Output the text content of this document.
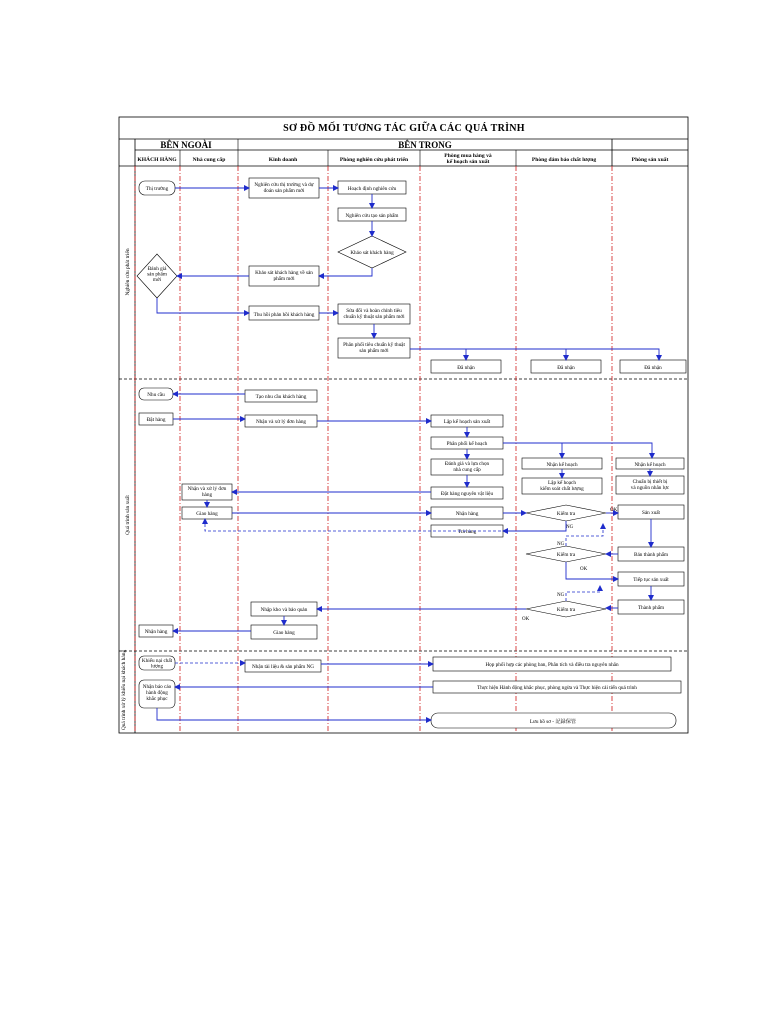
SƠ ĐỒ MỐI TƯƠNG TÁC GIỮA CÁC QUÁ TRÌNH
BÊN NGOÀI	BÊN TRONG
KHÁCH HÀNG	Nhà cung cấp	Kinh doanh	Phòng nghiên cứu phát triển
Phòng mua hàng và kế hoạch sản xuất	Phòng đảm bảo chất lượng	Phòng sản xuất
Nghiên cứu phát triển
Quá trình sản xuất
Quá trình xử lý khiếu nại khách hàng
Thị trường
Nghiên cứu thị trường và dự đoán sản phẩm mới	Hoạch định nghiên cứu
Nghiên cứu tạo sản phẩm
Khảo sát khách hàng
Đánh giá sản phẩm mới
Khảo sát khách hàng về sản phẩm mới
Thu hồi phản hồi khách hàng
Sửa đổi và hoàn chỉnh tiêu chuẩn kỹ thuật sản phẩm mới
Phân phối tiêu chuẩn kỹ thuật sản phẩm mới
Đã nhận	Đã nhận	Đã nhận
Nhu cầu	Tạo nhu cầu khách hàng
Đặt hàng	Nhận và xử lý đơn hàng	Lập kế hoạch sản xuất
Phân phối kế hoạch
Đánh giá và lựa chọn nhà cung cấp
Nhận kế hoạch
Lập kế hoạch kiểm soát chất lượng
Nhận kế hoạch
Chuẩn bị thiết bị và nguồn nhân lực
Nhận và xử lý đơn hàng	Đặt hàng nguyên vật liệu
Giao hàng	Nhận hàng	Kiểm tra	Sản xuất
Trả hàng
Kiểm tra	Bán thành phẩm
Tiếp tục sản xuất
Kiểm tra	Thành phẩm
Nhập kho và bảo quản
Giao hàng
Nhận hàng
OK
NG
NG
OK
NG
OK
Khiếu nại chất lượng	Nhận tài liệu & sản phẩm NG	Họp phối hợp các phòng ban, Phân tích và điều tra nguyên nhân
Nhận báo cáo hành động khắc phục
Thực hiện Hành động khắc phục, phòng ngừa và Thực hiện cải tiến quá trình
Lưu hồ sơ - 記録保管
